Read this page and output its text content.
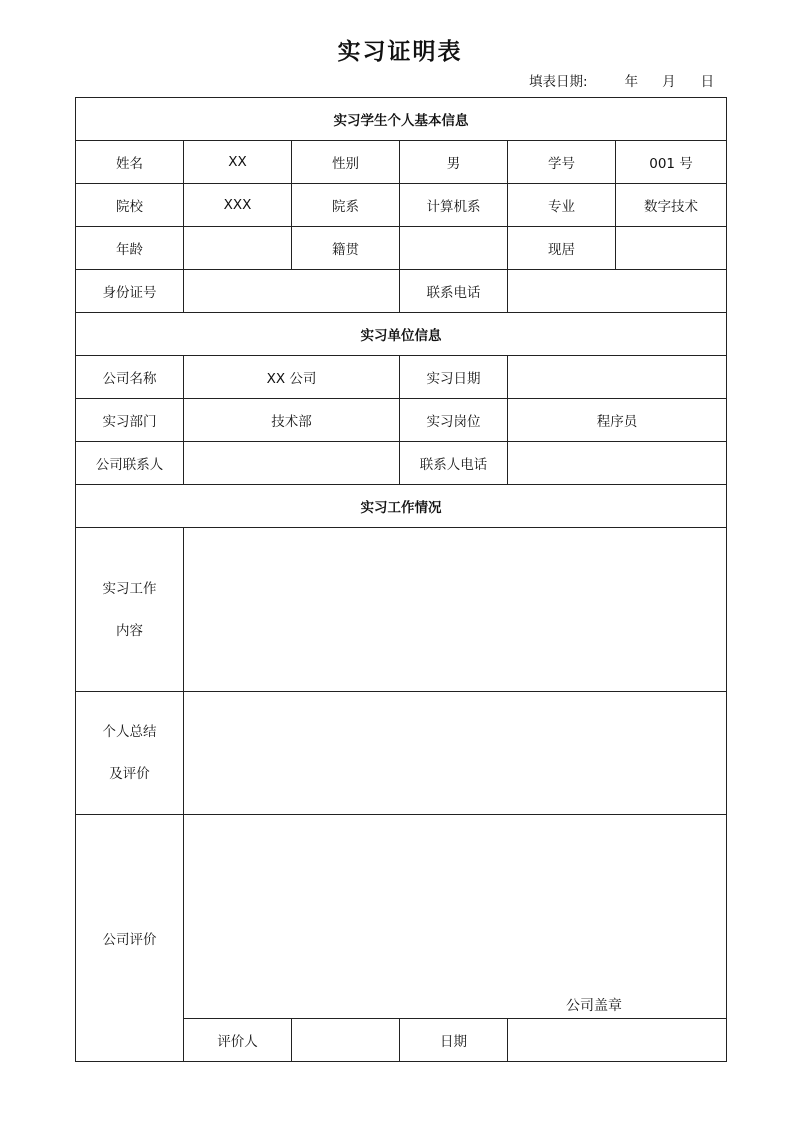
实习证明表
填表日期:	年 月 日
实习学生个人基本信息					
姓名	XX	性别	男	学号	001 号
院校	XXX	院系	计算机系	专业	数字技术
年龄		籍贯		现居	
身份证号			联系电话		
实习单位信息					
公司名称	XX 公司		实习日期		
实习部门	技术部		实习岗位	程序员	
公司联系人			联系人电话		
实习工作情况					

实习工作
内容					

个人总结
及评价					

公司评价	公司盖章				

	评价人		日期		
